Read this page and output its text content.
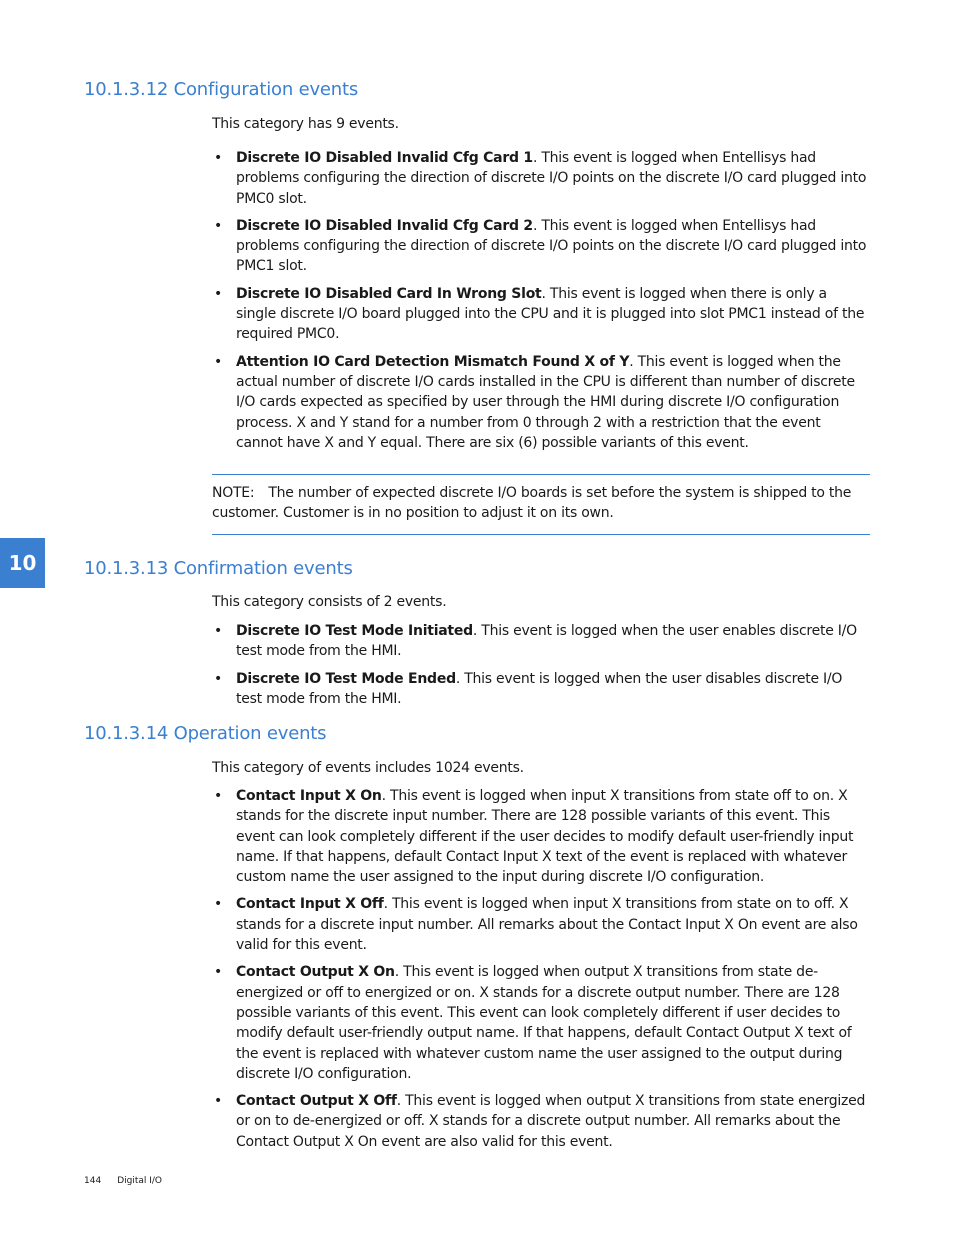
10.1.3.12 Configuration events

This category has 9 events.

• Discrete IO Disabled Invalid Cfg Card 1. This event is logged when Entellisys had problems configuring the direction of discrete I/O points on the discrete I/O card plugged into PMC0 slot.
• Discrete IO Disabled Invalid Cfg Card 2. This event is logged when Entellisys had problems configuring the direction of discrete I/O points on the discrete I/O card plugged into PMC1 slot.
• Discrete IO Disabled Card In Wrong Slot. This event is logged when there is only a single discrete I/O board plugged into the CPU and it is plugged into slot PMC1 instead of the required PMC0.
• Attention IO Card Detection Mismatch Found X of Y. This event is logged when the actual number of discrete I/O cards installed in the CPU is different than number of discrete I/O cards expected as specified by user through the HMI during discrete I/O configuration process. X and Y stand for a number from 0 through 2 with a restriction that the event cannot have X and Y equal. There are six (6) possible variants of this event.

NOTE: The number of expected discrete I/O boards is set before the system is shipped to the customer. Customer is in no position to adjust it on its own.

10	10.1.3.13 Confirmation events

This category consists of 2 events.

• Discrete IO Test Mode Initiated. This event is logged when the user enables discrete I/O test mode from the HMI.
• Discrete IO Test Mode Ended. This event is logged when the user disables discrete I/O test mode from the HMI.
10.1.3.14 Operation events

This category of events includes 1024 events.

• Contact Input X On. This event is logged when input X transitions from state off to on. X stands for the discrete input number. There are 128 possible variants of this event. This event can look completely different if the user decides to modify default user-friendly input name. If that happens, default Contact Input X text of the event is replaced with whatever custom name the user assigned to the input during discrete I/O configuration.
• Contact Input X Off. This event is logged when input X transitions from state on to off. X stands for a discrete input number. All remarks about the Contact Input X On event are also valid for this event.
• Contact Output X On. This event is logged when output X transitions from state de-energized or off to energized or on. X stands for a discrete output number. There are 128 possible variants of this event. This event can look completely different if user decides to modify default user-friendly output name. If that happens, default Contact Output X text of the event is replaced with whatever custom name the user assigned to the output during discrete I/O configuration.
• Contact Output X Off. This event is logged when output X transitions from state energized or on to de-energized or off. X stands for a discrete output number. All remarks about the Contact Output X On event are also valid for this event.
144 Digital I/O
